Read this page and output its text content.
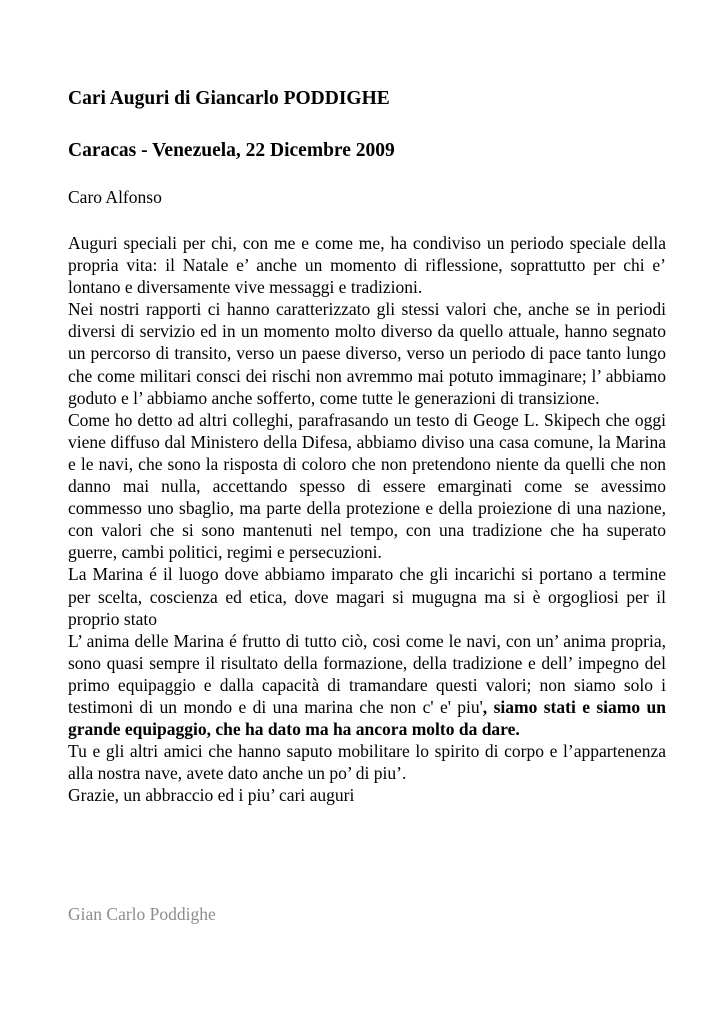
Cari Auguri di Giancarlo PODDIGHE
Caracas - Venezuela, 22 Dicembre 2009
Caro Alfonso

Auguri speciali per chi, con me e come me, ha condiviso un periodo speciale della propria vita: il Natale e’ anche un momento di riflessione, soprattutto per chi e’ lontano e diversamente vive messaggi e tradizioni.

Nei nostri rapporti ci hanno caratterizzato gli stessi valori che, anche se in periodi diversi di servizio ed in un momento molto diverso da quello attuale, hanno segnato un percorso di transito, verso un paese diverso, verso un periodo di pace tanto lungo che come militari consci dei rischi non avremmo mai potuto immaginare; l’ abbiamo goduto e l’ abbiamo anche sofferto, come tutte le generazioni di transizione.

Come ho detto ad altri colleghi, parafrasando un testo di Geoge L. Skipech che oggi viene diffuso dal Ministero della Difesa, abbiamo diviso una casa comune, la Marina e le navi, che sono la risposta di coloro che non pretendono niente da quelli che non danno mai nulla, accettando spesso di essere emarginati come se avessimo commesso uno sbaglio, ma parte della protezione e della proiezione di una nazione, con valori che si sono mantenuti nel tempo, con una tradizione che ha superato guerre, cambi politici, regimi e persecuzioni.

La Marina é il luogo dove abbiamo imparato che gli incarichi si portano a termine per scelta, coscienza ed etica, dove magari si mugugna ma si è orgogliosi per il proprio stato

L’ anima delle Marina é frutto di tutto ciò, cosi come le navi, con un’ anima propria, sono quasi sempre il risultato della formazione, della tradizione e dell’ impegno del primo equipaggio e dalla capacità di tramandare questi valori; non siamo solo i testimoni di un mondo e di una marina che non c' e' piu', siamo stati e siamo un grande equipaggio, che ha dato ma ha ancora molto da dare.

Tu e gli altri amici che hanno saputo mobilitare lo spirito di corpo e l’appartenenza alla nostra nave, avete dato anche un po’ di piu’.

Grazie, un abbraccio ed i piu’ cari auguri

Gian Carlo Poddighe
